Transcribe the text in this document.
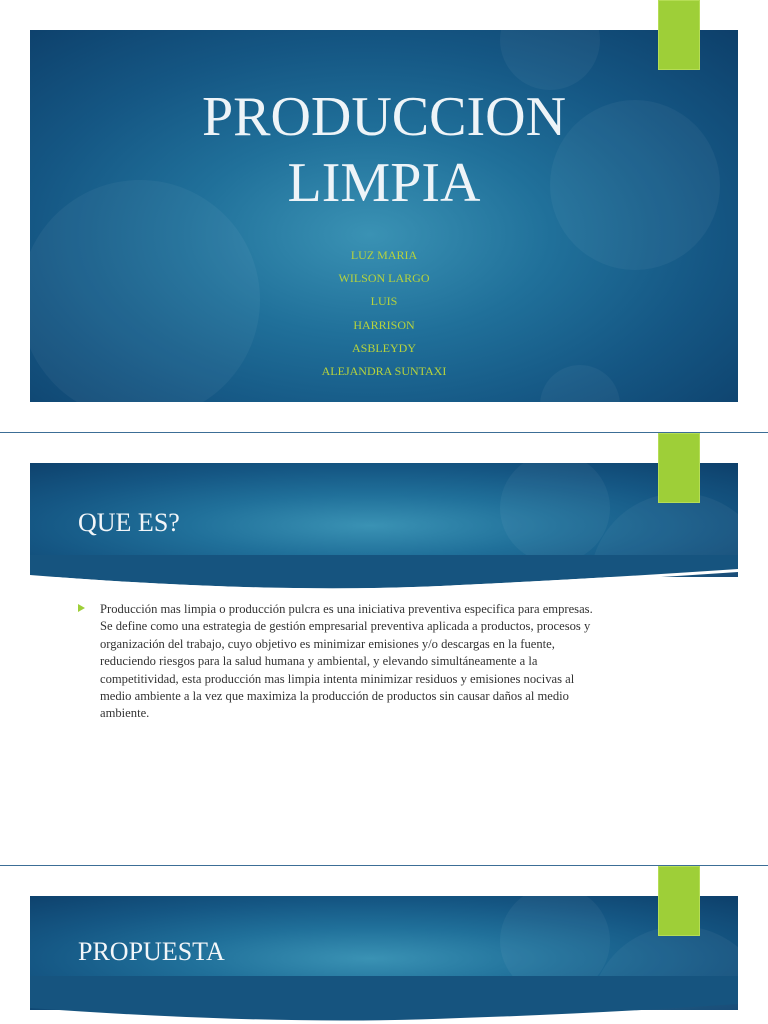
PRODUCCION
LIMPIA
LUZ MARIA
WILSON LARGO
LUIS
HARRISON
ASBLEYDY
ALEJANDRA SUNTAXI
QUE ES?
Producción mas limpia o producción pulcra es una iniciativa preventiva especifica para empresas. Se define como una estrategia de gestión empresarial preventiva aplicada a productos, procesos y organización del trabajo, cuyo objetivo es minimizar emisiones y/o descargas en la fuente, reduciendo riesgos para la salud humana y ambiental, y elevando simultáneamente a la competitividad, esta producción mas limpia intenta minimizar residuos y emisiones nocivas al medio ambiente a la vez que maximiza la producción de productos sin causar daños al medio ambiente.
PROPUESTA
